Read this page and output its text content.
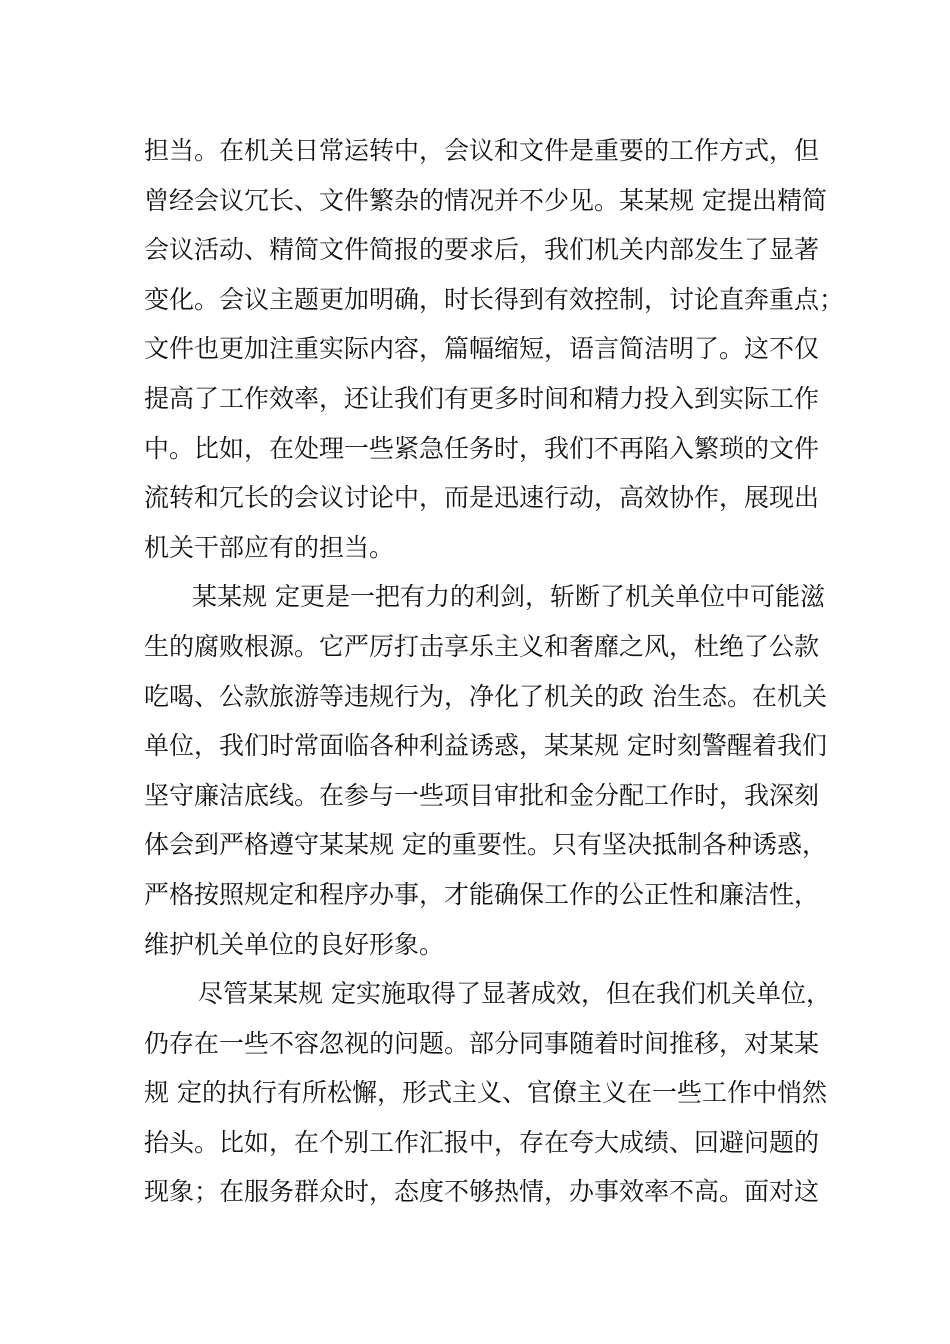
担当。在机关日常运转中，会议和文件是重要的工作方式，但
曾经会议冗长、文件繁杂的情况并不少见。某某规 定提出精简
会议活动、精简文件简报的要求后，我们机关内部发生了显著
变化。会议主题更加明确，时长得到有效控制，讨论直奔重点；
文件也更加注重实际内容，篇幅缩短，语言简洁明了。这不仅
提高了工作效率，还让我们有更多时间和精力投入到实际工作
中。比如，在处理一些紧急任务时，我们不再陷入繁琐的文件
流转和冗长的会议讨论中，而是迅速行动，高效协作，展现出
机关干部应有的担当。
某某规 定更是一把有力的利剑，斩断了机关单位中可能滋
生的腐败根源。它严厉打击享乐主义和奢靡之风，杜绝了公款
吃喝、公款旅游等违规行为，净化了机关的政 治生态。在机关
单位，我们时常面临各种利益诱惑，某某规 定时刻警醒着我们
坚守廉洁底线。在参与一些项目审批和金分配工作时，我深刻
体会到严格遵守某某规 定的重要性。只有坚决抵制各种诱惑，
严格按照规定和程序办事，才能确保工作的公正性和廉洁性，
维护机关单位的良好形象。
尽管某某规 定实施取得了显著成效，但在我们机关单位，
仍存在一些不容忽视的问题。部分同事随着时间推移，对某某
规 定的执行有所松懈，形式主义、官僚主义在一些工作中悄然
抬头。比如，在个别工作汇报中，存在夸大成绩、回避问题的
现象；在服务群众时，态度不够热情，办事效率不高。面对这
